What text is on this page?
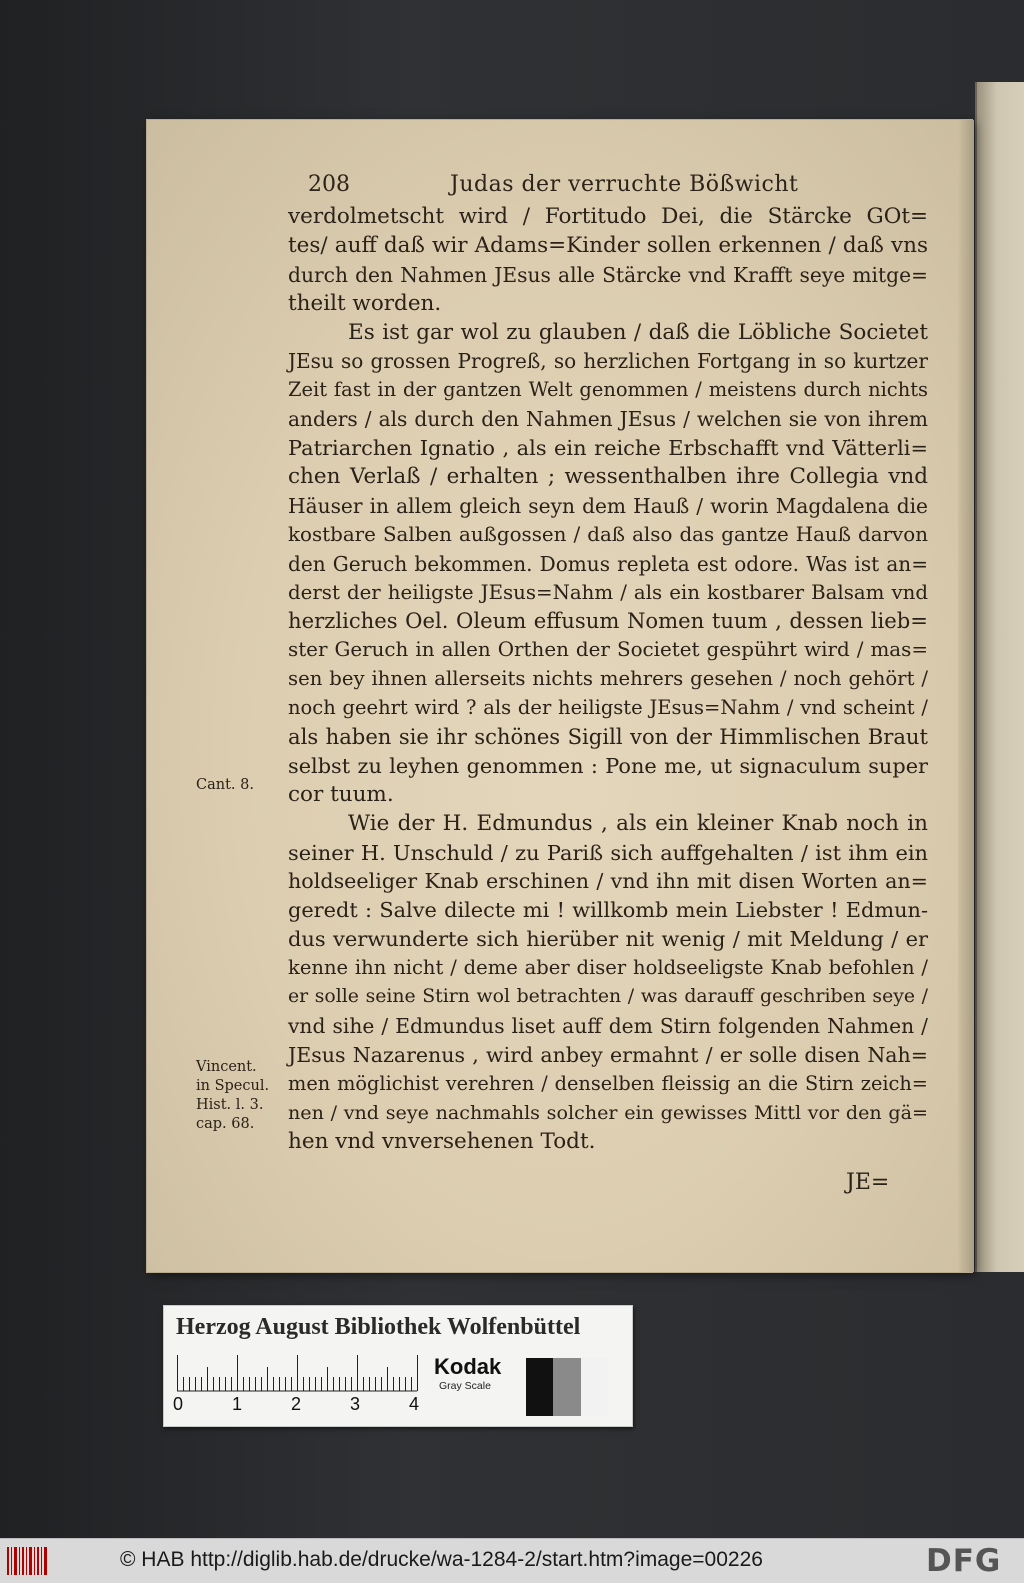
208	Judas der verruchte Bößwicht
verdolmetscht wird / Fortitudo Dei, die Stärcke GOt=
tes/ auff daß wir Adams=Kinder sollen erkennen / daß vns
durch den Nahmen JEsus alle Stärcke vnd Krafft seye mitge=
theilt worden.
Es ist gar wol zu glauben / daß die Löbliche Societet
JEsu so grossen Progreß, so herzlichen Fortgang in so kurtzer
Zeit fast in der gantzen Welt genommen / meistens durch nichts
anders / als durch den Nahmen JEsus / welchen sie von ihrem
Patriarchen Ignatio , als ein reiche Erbschafft vnd Vätterli=
chen Verlaß / erhalten ; wessenthalben ihre Collegia vnd
Häuser in allem gleich seyn dem Hauß / worin Magdalena die
kostbare Salben außgossen / daß also das gantze Hauß darvon
den Geruch bekommen. Domus repleta est odore. Was ist an=
derst der heiligste JEsus=Nahm / als ein kostbarer Balsam vnd
herzliches Oel. Oleum effusum Nomen tuum , dessen lieb=
ster Geruch in allen Orthen der Societet gespührt wird / mas=
sen bey ihnen allerseits nichts mehrers gesehen / noch gehört /
noch geehrt wird ? als der heiligste JEsus=Nahm / vnd scheint /
als haben sie ihr schönes Sigill von der Himmlischen Braut
selbst zu leyhen genommen : Pone me, ut signaculum super
cor tuum.
Wie der H. Edmundus , als ein kleiner Knab noch in
seiner H. Unschuld / zu Pariß sich auffgehalten / ist ihm ein
holdseeliger Knab erschinen / vnd ihn mit disen Worten an=
geredt : Salve dilecte mi ! willkomb mein Liebster ! Edmun-
dus verwunderte sich hierüber nit wenig / mit Meldung / er
kenne ihn nicht / deme aber diser holdseeligste Knab befohlen /
er solle seine Stirn wol betrachten / was darauff geschriben seye /
vnd sihe / Edmundus liset auff dem Stirn folgenden Nahmen /
JEsus Nazarenus , wird anbey ermahnt / er solle disen Nah=
men möglichist verehren / denselben fleissig an die Stirn zeich=
nen / vnd seye nachmahls solcher ein gewisses Mittl vor den gä=
hen vnd vnversehenen Todt.
Cant. 8.
Vincent.
in Specul.
Hist. l. 3.
cap. 68.
JE=
Herzog August Bibliothek Wolfenbüttel
0	1	2	3	4
Kodak
Gray Scale
© HAB http://diglib.hab.de/drucke/wa-1284-2/start.htm?image=00226	DFG
